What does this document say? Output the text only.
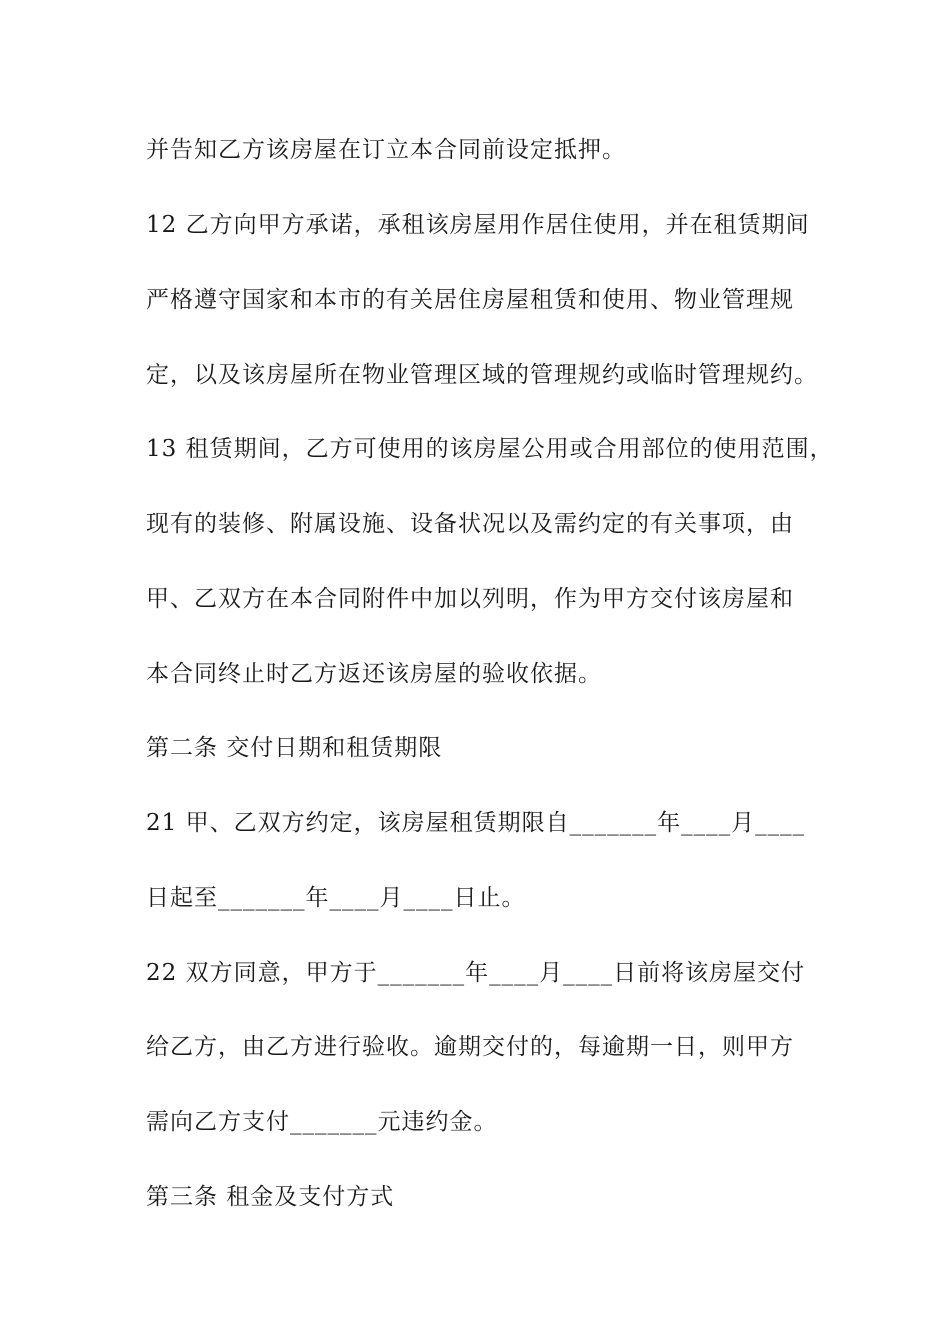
并告知乙方该房屋在订立本合同前设定抵押。
12 乙方向甲方承诺，承租该房屋用作居住使用，并在租赁期间
严格遵守国家和本市的有关居住房屋租赁和使用、物业管理规
定，以及该房屋所在物业管理区域的管理规约或临时管理规约。
13 租赁期间，乙方可使用的该房屋公用或合用部位的使用范围，
现有的装修、附属设施、设备状况以及需约定的有关事项，由
甲、乙双方在本合同附件中加以列明，作为甲方交付该房屋和
本合同终止时乙方返还该房屋的验收依据。
第二条 交付日期和租赁期限
21 甲、乙双方约定，该房屋租赁期限自_______年____月____
日起至_______年____月____日止。
22 双方同意，甲方于_______年____月____日前将该房屋交付
给乙方，由乙方进行验收。逾期交付的，每逾期一日，则甲方
需向乙方支付_______元违约金。
第三条 租金及支付方式
